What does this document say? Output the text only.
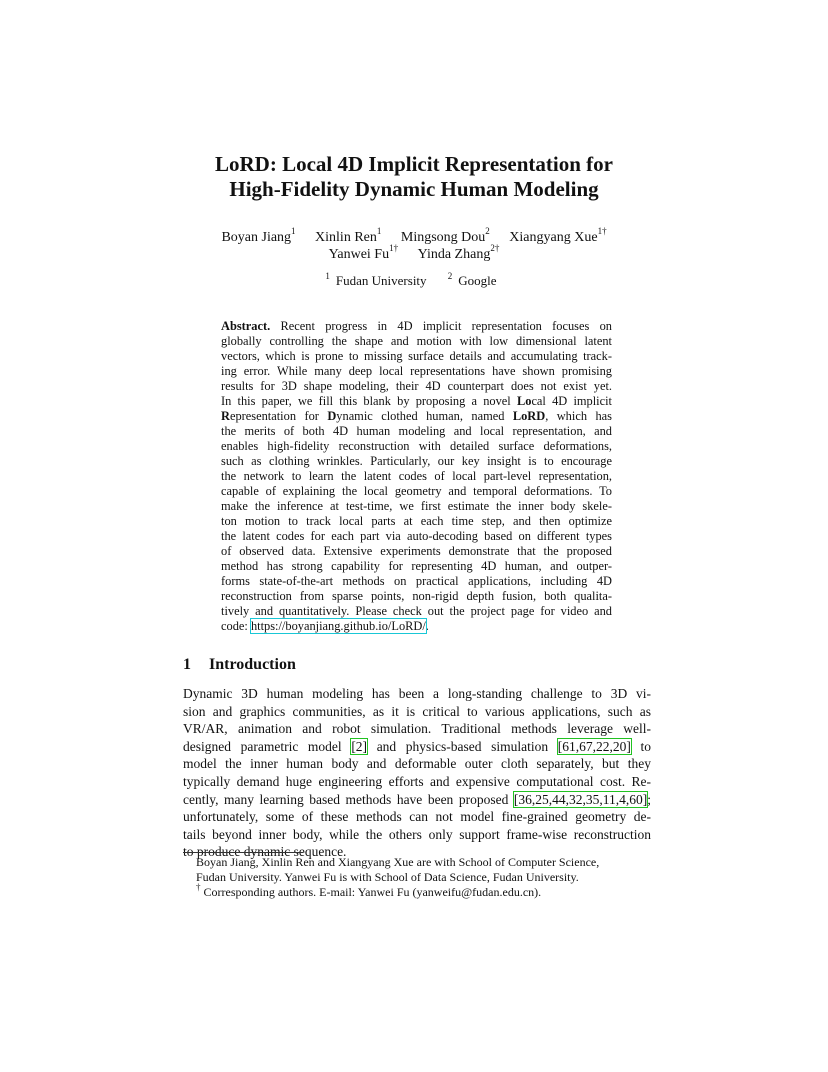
LoRD: Local 4D Implicit Representation for
High-Fidelity Dynamic Human Modeling
Boyan Jiang$^1$ Xinlin Ren$^1$ Mingsong Dou$^2$ Xiangyang Xue$^{1\dagger}$
Yanwei $Fu^{1\dagger}$ Yinda Zhang$^{2\dagger}$
$^1$ Fudan University $^2$ Google
Abstract. Recent progress in 4D implicit representation focuses on
globally controlling the shape and motion with low dimensional latent
vectors, which is prone to missing surface details and accumulating track-
ing error. While many deep local representations have shown promising
results for 3D shape modeling, their 4D counterpart does not exist yet.
In this paper, we fill this blank by proposing a novel Local 4D implicit
Representation for Dynamic clothed human, named LoRD, which has
the merits of both 4D human modeling and local representation, and
enables high-fidelity reconstruction with detailed surface deformations,
such as clothing wrinkles. Particularly, our key insight is to encourage
the network to learn the latent codes of local part-level representation,
capable of explaining the local geometry and temporal deformations. To
make the inference at test-time, we first estimate the inner body skele-
ton motion to track local parts at each time step, and then optimize
the latent codes for each part via auto-decoding based on different types
of observed data. Extensive experiments demonstrate that the proposed
method has strong capability for representing 4D human, and outper-
forms state-of-the-art methods on practical applications, including 4D
reconstruction from sparse points, non-rigid depth fusion, both qualita-
tively and quantitatively. Please check out the project page for video and
code: https://boyanjiang.github.io/LoRD/.
1 Introduction
Dynamic 3D human modeling has been a long-standing challenge to 3D vi-
sion and graphics communities, as it is critical to various applications, such as
VR/AR, animation and robot simulation. Traditional methods leverage well-
designed parametric model [2] and physics-based simulation [61,67,22,20] to
model the inner human body and deformable outer cloth separately, but they
typically demand huge engineering efforts and expensive computational cost. Re-
cently, many learning based methods have been proposed [36,25,44,32,35,11,4,60];
unfortunately, some of these methods can not model fine-grained geometry de-
tails beyond inner body, while the others only support frame-wise reconstruction
to produce dynamic sequence.
Boyan Jiang, Xinlin Ren and Xiangyang Xue are with School of Computer Science,
Fudan University. Yanwei Fu is with School of Data Science, Fudan University.
† Corresponding authors. E-mail: Yanwei Fu (yanweifu@fudan.edu.cn).
